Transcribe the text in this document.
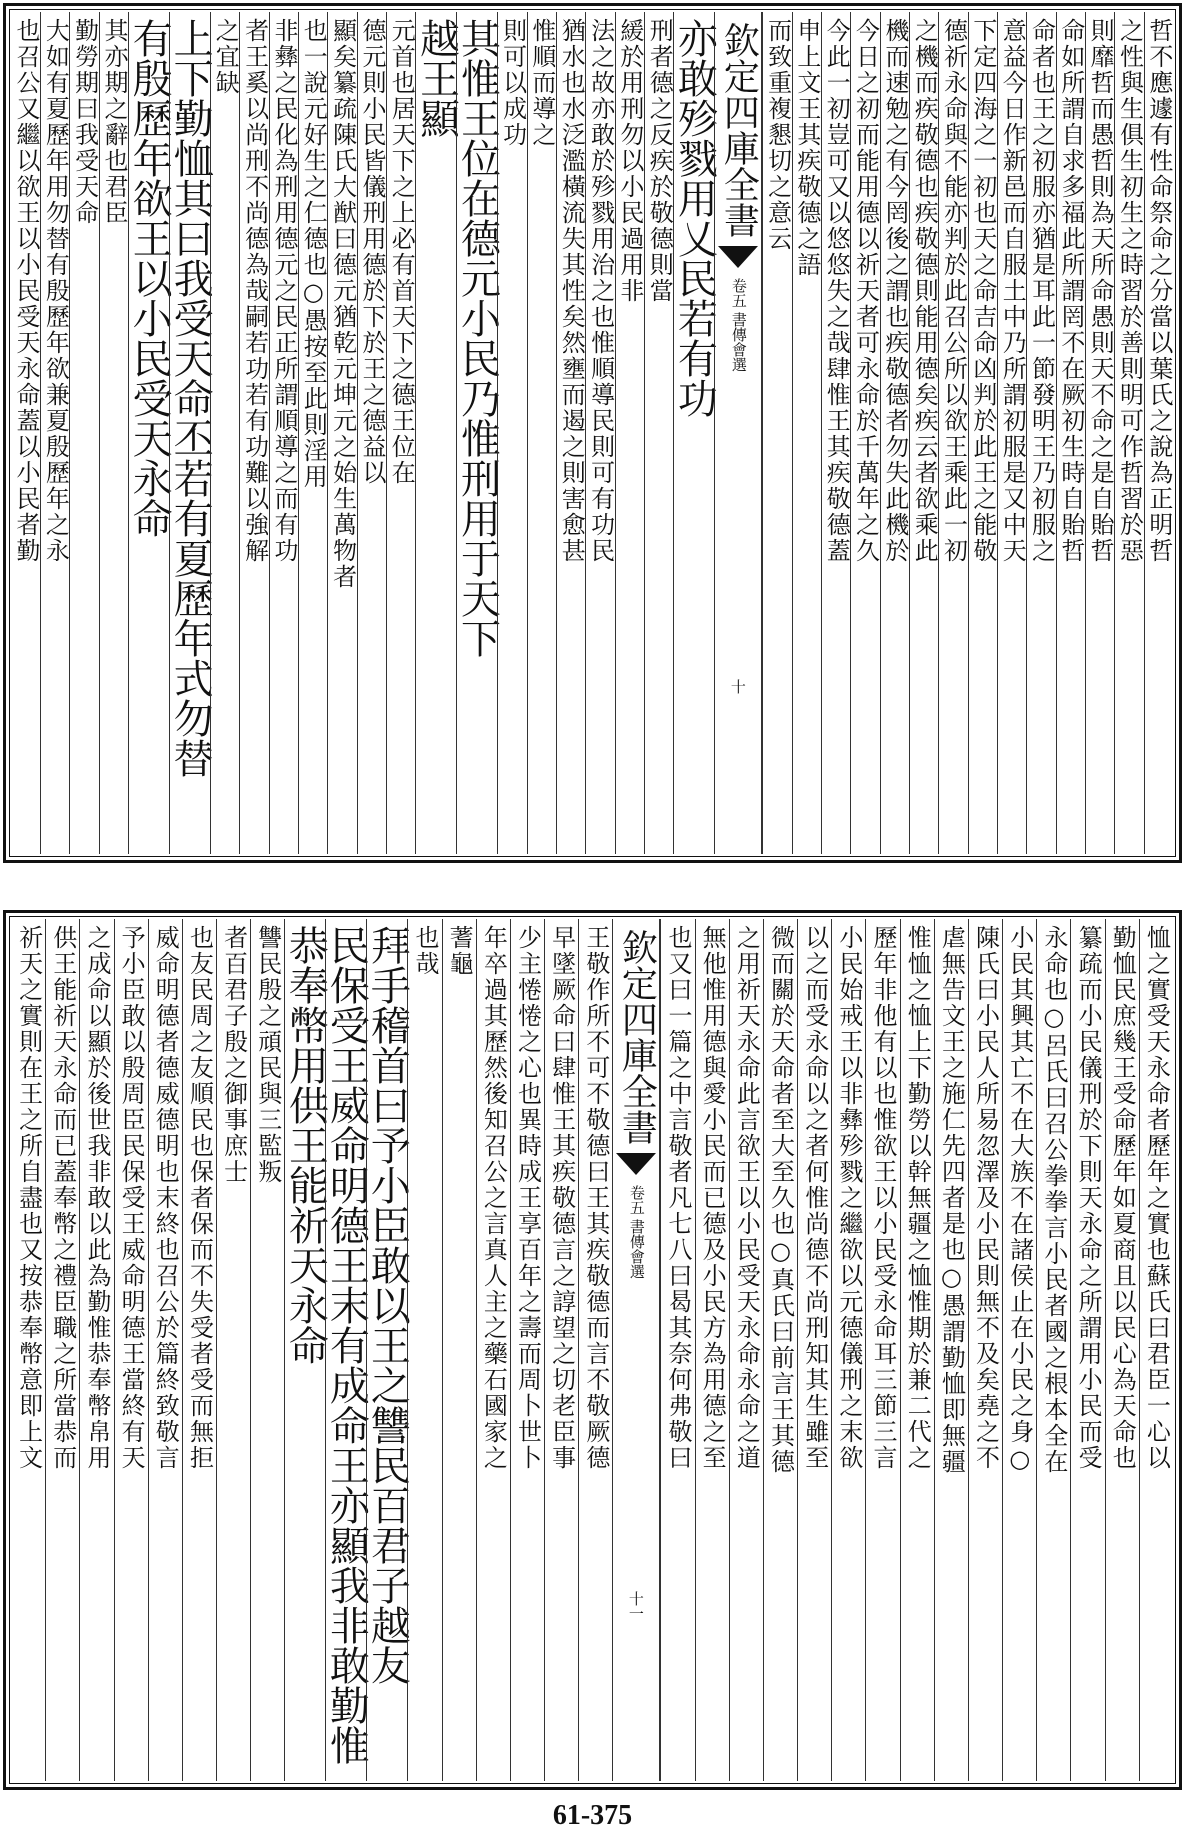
哲不應遽有性命祭命之分當以葉氏之說為正明哲
之性與生俱生初生之時習於善則明可作哲習於惡
則靡哲而愚哲則為天所命愚則天不命之是自貽哲
命如所謂自求多福此所謂罔不在厥初生時自貽哲
命者也王之初服亦猶是耳此一節發明王乃初服之
意益今日作新邑而自服土中乃所謂初服是又中天
下定四海之一初也天之命吉命凶判於此王之能敬
德祈永命與不能亦判於此召公所以欲王乘此一初
之機而疾敬德也疾敬德則能用德矣疾云者欲乘此
機而速勉之有今罔後之謂也疾敬德者勿失此機於
今日之初而能用德以祈天者可永命於千萬年之久
今此一初豈可又以悠悠失之哉肆惟王其疾敬德蓋
申上文王其疾敬德之語
而致重複懇切之意云
欽定四庫全書
卷五
書傳會選
十
亦敢殄戮用乂民若有功
刑者德之反疾於敬德則當
緩於用刑勿以小民過用非
法之故亦敢於殄戮用治之也惟順導民則可有功民
猶水也水泛濫橫流失其性矣然壅而遏之則害愈甚
惟順而導之
則可以成功
其惟王位在德元小民乃惟刑用于天下
越王顯
元首也居天下之上必有首天下之德王位在
德元則小民皆儀刑用德於下於王之德益以
顯矣纂疏陳氏大猷曰德元猶乾元坤元之始生萬物者
也一說元好生之仁德也○愚按至此則淫用
非彝之民化為刑用德元之民正所謂順導之而有功
者王奚以尚刑不尚德為哉嗣若功若有功難以強解
之宜缺
上下勤恤其曰我受天命丕若有夏歷年式勿替
有殷歷年欲王以小民受天永命
其亦期之辭也君臣
勤勞期曰我受天命
大如有夏歷年用勿替有殷歷年欲兼夏殷歷年之永
也召公又繼以欲王以小民受天永命蓋以小民者勤
恤之實受天永命者歷年之實也蘇氏曰君臣一心以
勤恤民庶幾王受命歷年如夏商且以民心為天命也
纂疏而小民儀刑於下則天永命之所謂用小民而受
永命也○呂氏曰召公拳拳言小民者國之根本全在
小民其興其亡不在大族不在諸侯止在小民之身○
陳氏曰小民人所易忽澤及小民則無不及矣堯之不
虐無告文王之施仁先四者是也○愚謂勤恤即無疆
惟恤之恤上下勤勞以幹無疆之恤惟期於兼二代之
歷年非他有以也惟欲王以小民受永命耳三節三言
小民始戒王以非彝殄戮之繼欲以元德儀刑之末欲
以之而受永命以之者何惟尚德不尚刑知其生雖至
微而關於天命者至大至久也○真氏曰前言王其德
之用祈天永命此言欲王以小民受天永命永命之道
無他惟用德與愛小民而已德及小民方為用德之至
也又曰一篇之中言敬者凡七八曰曷其奈何弗敬曰
欽定四庫全書
卷五
書傳會選
十一
王敬作所不可不敬德曰王其疾敬德而言不敬厥德
早墜厥命曰肆惟王其疾敬德言之諄望之切老臣事
少主惓惓之心也異時成王享百年之壽而周卜世卜
年卒過其歷然後知召公之言真人主之藥石國家之
蓍龜
也哉
拜手稽首曰予小臣敢以王之讐民百君子越友
民保受王威命明德王末有成命王亦顯我非敢勤惟
恭奉幣用供王能祈天永命
讐民殷之頑民與三監叛
者百君子殷之御事庶士
也友民周之友順民也保者保而不失受者受而無拒
威命明德者德威德明也末終也召公於篇終致敬言
予小臣敢以殷周臣民保受王威命明德王當終有天
之成命以顯於後世我非敢以此為勤惟恭奉幣帛用
供王能祈天永命而已蓋奉幣之禮臣職之所當恭而
祈天之實則在王之所自盡也又按恭奉幣意即上文
61-375
